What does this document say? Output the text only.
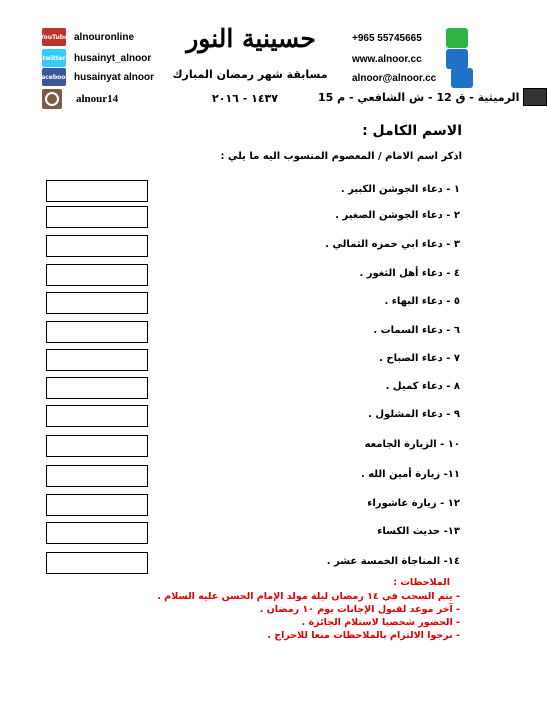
YouTube alnouronline
twitter husainyt_alnoor
facebook husainyat alnoor
alnour14
حسينية النور
مسابقة شهر رمضان المبارك
١٤٣٧ - ٢٠١٦
+965 55745665
www.alnoor.cc
alnoor@alnoor.cc
الرميثية - ق 12 - ش الشافعي - م 15
الاسم الكامل :
اذكر اسم الامام / المعصوم المنسوب اليه ما يلي :
١ - دعاء الجوشن الكبير .
٢ - دعاء الجوشن الصغير .
٣ - دعاء ابي حمزه الثمالي .
٤ - دعاء أهل الثغور .
٥ - دعاء البهاء .
٦ - دعاء السمات .
٧ - دعاء الصباح .
٨ - دعاء كميل .
٩ - دعاء المشلول .
١٠ - الزيارة الجامعه
١١- زيارة أمين الله .
١٢ - زيارة عاشوراء
١٣- حديث الكساء
١٤- المناجاة الخمسة عشر .
الملاحظات :
- يتم السحب في ١٤ رمضان ليلة مولد الإمام الحسن عليه السلام .
- آخر موعد لقبول الإجابات يوم ١٠ رمضان .
- الحضور شخصيا لاستلام الجائزة .
- نرجوا الالتزام بالملاحظات منعا للاحراج .
